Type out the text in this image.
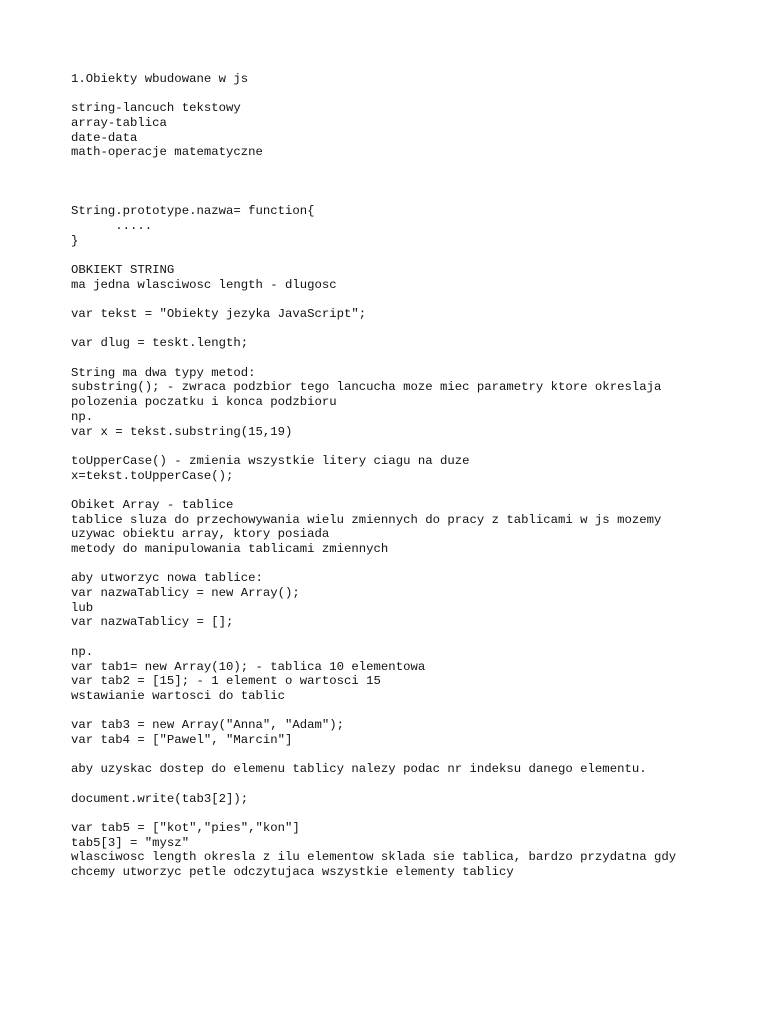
1.Obiekty wbudowane w js
string-lancuch tekstowy
array-tablica
date-data
math-operacje matematyczne
String.prototype.nazwa= function{
.....
}
OBKIEKT STRING
ma jedna wlasciwosc length - dlugosc
var tekst = "Obiekty jezyka JavaScript";
var dlug = teskt.length;
String ma dwa typy metod:
substring(); - zwraca podzbior tego lancucha moze miec parametry ktore okreslaja
polozenia poczatku i konca podzbioru
np.
var x = tekst.substring(15,19)
toUpperCase() - zmienia wszystkie litery ciagu na duze
x=tekst.toUpperCase();
Obiket Array - tablice
tablice sluza do przechowywania wielu zmiennych do pracy z tablicami w js mozemy
uzywac obiektu array, ktory posiada
metody do manipulowania tablicami zmiennych
aby utworzyc nowa tablice:
var nazwaTablicy = new Array();
lub
var nazwaTablicy = [];
np.
var tab1= new Array(10); - tablica 10 elementowa
var tab2 = [15]; - 1 element o wartosci 15
wstawianie wartosci do tablic
var tab3 = new Array("Anna", "Adam");
var tab4 = ["Pawel", "Marcin"]
aby uzyskac dostep do elemenu tablicy nalezy podac nr indeksu danego elementu.
document.write(tab3[2]);
var tab5 = ["kot","pies","kon"]
tab5[3] = "mysz"
wlasciwosc length okresla z ilu elementow sklada sie tablica, bardzo przydatna gdy
chcemy utworzyc petle odczytujaca wszystkie elementy tablicy
